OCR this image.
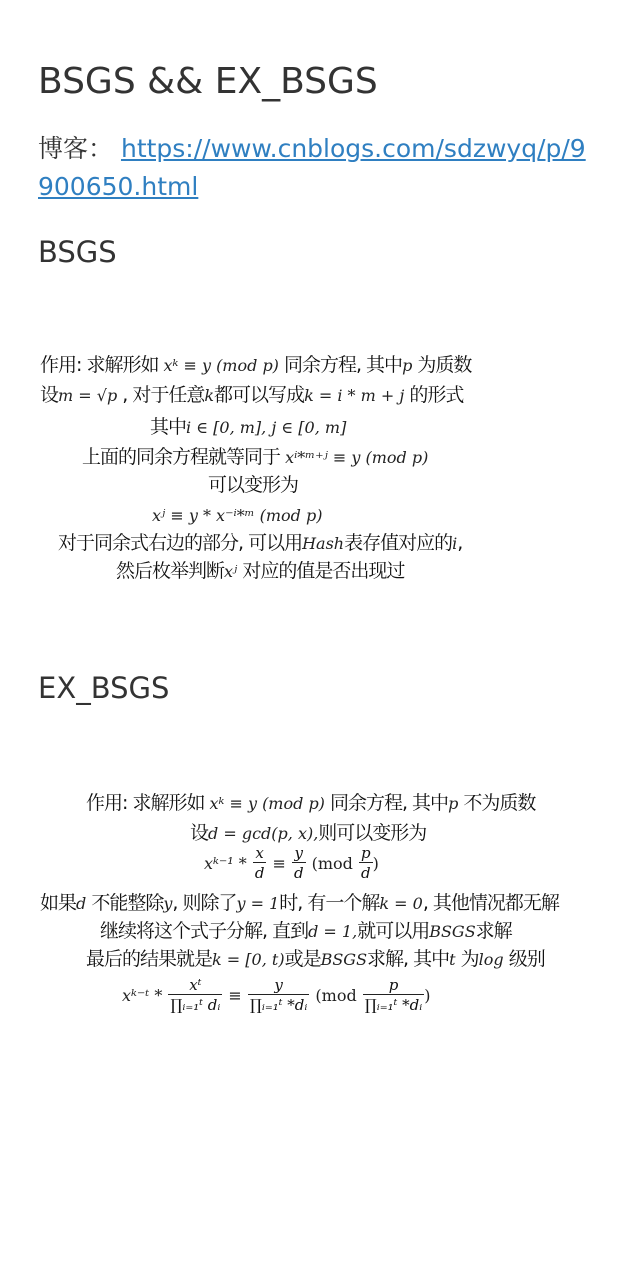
BSGS && EX_BSGS
博客： https://www.cnblogs.com/sdzwyq/p/9900650.html
BSGS
作用: 求解形如 xᵏ ≡ y (mod p) 同余方程, 其中p 为质数
设m = √p , 对于任意k都可以写成k = i * m + j 的形式
其中i ∈ [0, m], j ∈ [0, m]
上面的同余方程就等同于 xⁱ*ᵐ⁺ʲ ≡ y (mod p)
可以变形为
xʲ ≡ y * x⁻ⁱ*ᵐ (mod p)
对于同余式右边的部分, 可以用Hash表存值对应的i,
然后枚举判断xʲ 对应的值是否出现过
EX_BSGS
作用: 求解形如 xᵏ ≡ y (mod p) 同余方程, 其中p 不为质数
设d = gcd(p, x),则可以变形为
xᵏ⁻¹ * $\frac{x}{d} \equiv \frac{y}{d} (mod \frac{p}{d}$ )
如果d 不能整除y, 则除了y = 1时, 有一个解k = 0, 其他情况都无解
继续将这个式子分解, 直到d = 1,就可以用BSGS求解
最后的结果就是k = [0, t)或是BSGS求解, 其中t 为log 级别
xᵏ⁻ᵗ * $\frac{\text{xᵗ}}{\text{∏ᵢ₌₁ᵗ dᵢ}} \equiv \frac{y}{\text{∏ᵢ₌₁ᵗ *dᵢ}} (mod \frac{p}{\text{∏ᵢ₌₁ᵗ *dᵢ}}$ )
